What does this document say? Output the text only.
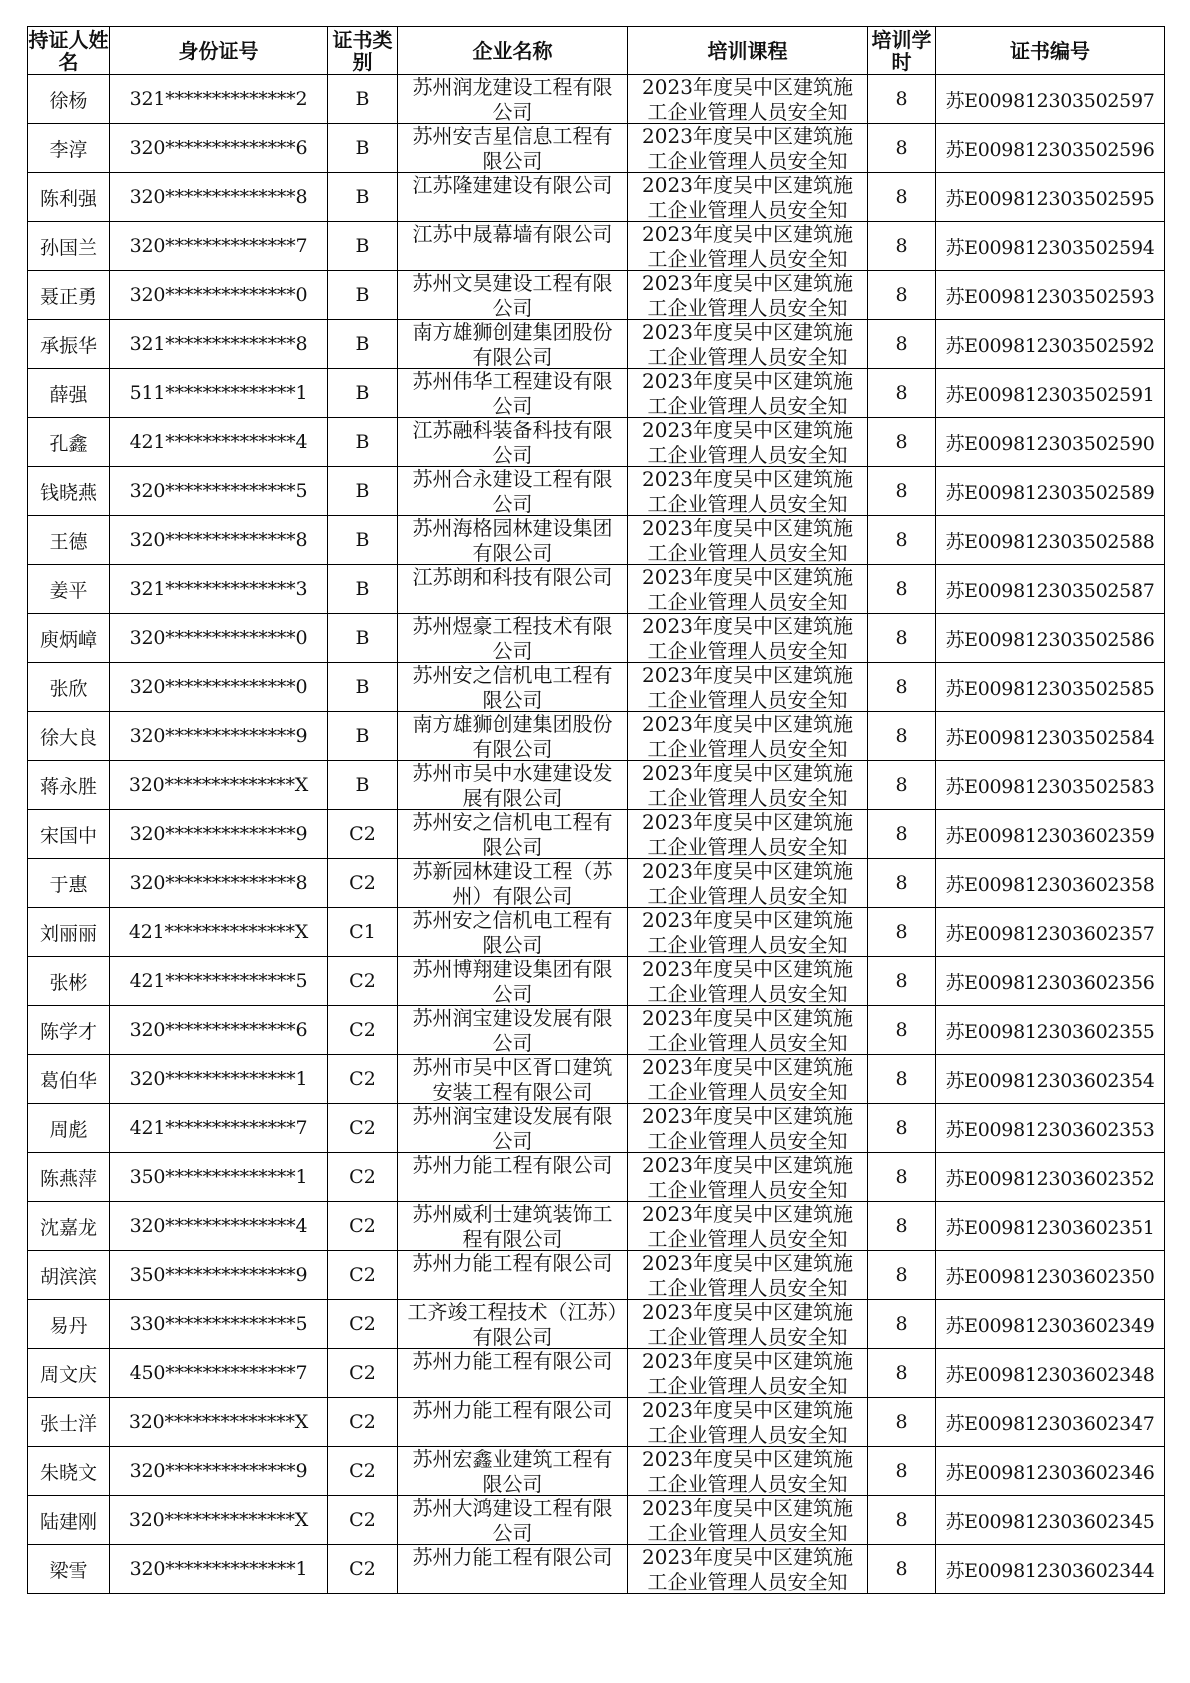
持证人姓名	身份证号	证书类别	企业名称	培训课程	培训学时	证书编号
徐杨	321**************2	B	苏州润龙建设工程有限公司	2023年度吴中区建筑施工企业管理人员安全知	8	苏E009812303502597
李淳	320**************6	B	苏州安吉星信息工程有限公司	2023年度吴中区建筑施工企业管理人员安全知	8	苏E009812303502596
陈利强	320**************8	B	江苏隆建建设有限公司	2023年度吴中区建筑施工企业管理人员安全知	8	苏E009812303502595
孙国兰	320**************7	B	江苏中晟幕墙有限公司	2023年度吴中区建筑施工企业管理人员安全知	8	苏E009812303502594
聂正勇	320**************0	B	苏州文昊建设工程有限公司	2023年度吴中区建筑施工企业管理人员安全知	8	苏E009812303502593
承振华	321**************8	B	南方雄狮创建集团股份有限公司	2023年度吴中区建筑施工企业管理人员安全知	8	苏E009812303502592
薛强	511**************1	B	苏州伟华工程建设有限公司	2023年度吴中区建筑施工企业管理人员安全知	8	苏E009812303502591
孔鑫	421**************4	B	江苏融科装备科技有限公司	2023年度吴中区建筑施工企业管理人员安全知	8	苏E009812303502590
钱晓燕	320**************5	B	苏州合永建设工程有限公司	2023年度吴中区建筑施工企业管理人员安全知	8	苏E009812303502589
王德	320**************8	B	苏州海格园林建设集团有限公司	2023年度吴中区建筑施工企业管理人员安全知	8	苏E009812303502588
姜平	321**************3	B	江苏朗和科技有限公司	2023年度吴中区建筑施工企业管理人员安全知	8	苏E009812303502587
庾炳嶂	320**************0	B	苏州煜豪工程技术有限公司	2023年度吴中区建筑施工企业管理人员安全知	8	苏E009812303502586
张欣	320**************0	B	苏州安之信机电工程有限公司	2023年度吴中区建筑施工企业管理人员安全知	8	苏E009812303502585
徐大良	320**************9	B	南方雄狮创建集团股份有限公司	2023年度吴中区建筑施工企业管理人员安全知	8	苏E009812303502584
蒋永胜	320**************X	B	苏州市吴中水建建设发展有限公司	2023年度吴中区建筑施工企业管理人员安全知	8	苏E009812303502583
宋国中	320**************9	C2	苏州安之信机电工程有限公司	2023年度吴中区建筑施工企业管理人员安全知	8	苏E009812303602359
于惠	320**************8	C2	苏新园林建设工程（苏州）有限公司	2023年度吴中区建筑施工企业管理人员安全知	8	苏E009812303602358
刘丽丽	421**************X	C1	苏州安之信机电工程有限公司	2023年度吴中区建筑施工企业管理人员安全知	8	苏E009812303602357
张彬	421**************5	C2	苏州博翔建设集团有限公司	2023年度吴中区建筑施工企业管理人员安全知	8	苏E009812303602356
陈学才	320**************6	C2	苏州润宝建设发展有限公司	2023年度吴中区建筑施工企业管理人员安全知	8	苏E009812303602355
葛伯华	320**************1	C2	苏州市吴中区胥口建筑安装工程有限公司	2023年度吴中区建筑施工企业管理人员安全知	8	苏E009812303602354
周彪	421**************7	C2	苏州润宝建设发展有限公司	2023年度吴中区建筑施工企业管理人员安全知	8	苏E009812303602353
陈燕萍	350**************1	C2	苏州力能工程有限公司	2023年度吴中区建筑施工企业管理人员安全知	8	苏E009812303602352
沈嘉龙	320**************4	C2	苏州威利士建筑装饰工程有限公司	2023年度吴中区建筑施工企业管理人员安全知	8	苏E009812303602351
胡滨滨	350**************9	C2	苏州力能工程有限公司	2023年度吴中区建筑施工企业管理人员安全知	8	苏E009812303602350
易丹	330**************5	C2	工齐竣工程技术（江苏）有限公司	2023年度吴中区建筑施工企业管理人员安全知	8	苏E009812303602349
周文庆	450**************7	C2	苏州力能工程有限公司	2023年度吴中区建筑施工企业管理人员安全知	8	苏E009812303602348
张士洋	320**************X	C2	苏州力能工程有限公司	2023年度吴中区建筑施工企业管理人员安全知	8	苏E009812303602347
朱晓文	320**************9	C2	苏州宏鑫业建筑工程有限公司	2023年度吴中区建筑施工企业管理人员安全知	8	苏E009812303602346
陆建刚	320**************X	C2	苏州大鸿建设工程有限公司	2023年度吴中区建筑施工企业管理人员安全知	8	苏E009812303602345
梁雪	320**************1	C2	苏州力能工程有限公司	2023年度吴中区建筑施工企业管理人员安全知	8	苏E009812303602344
